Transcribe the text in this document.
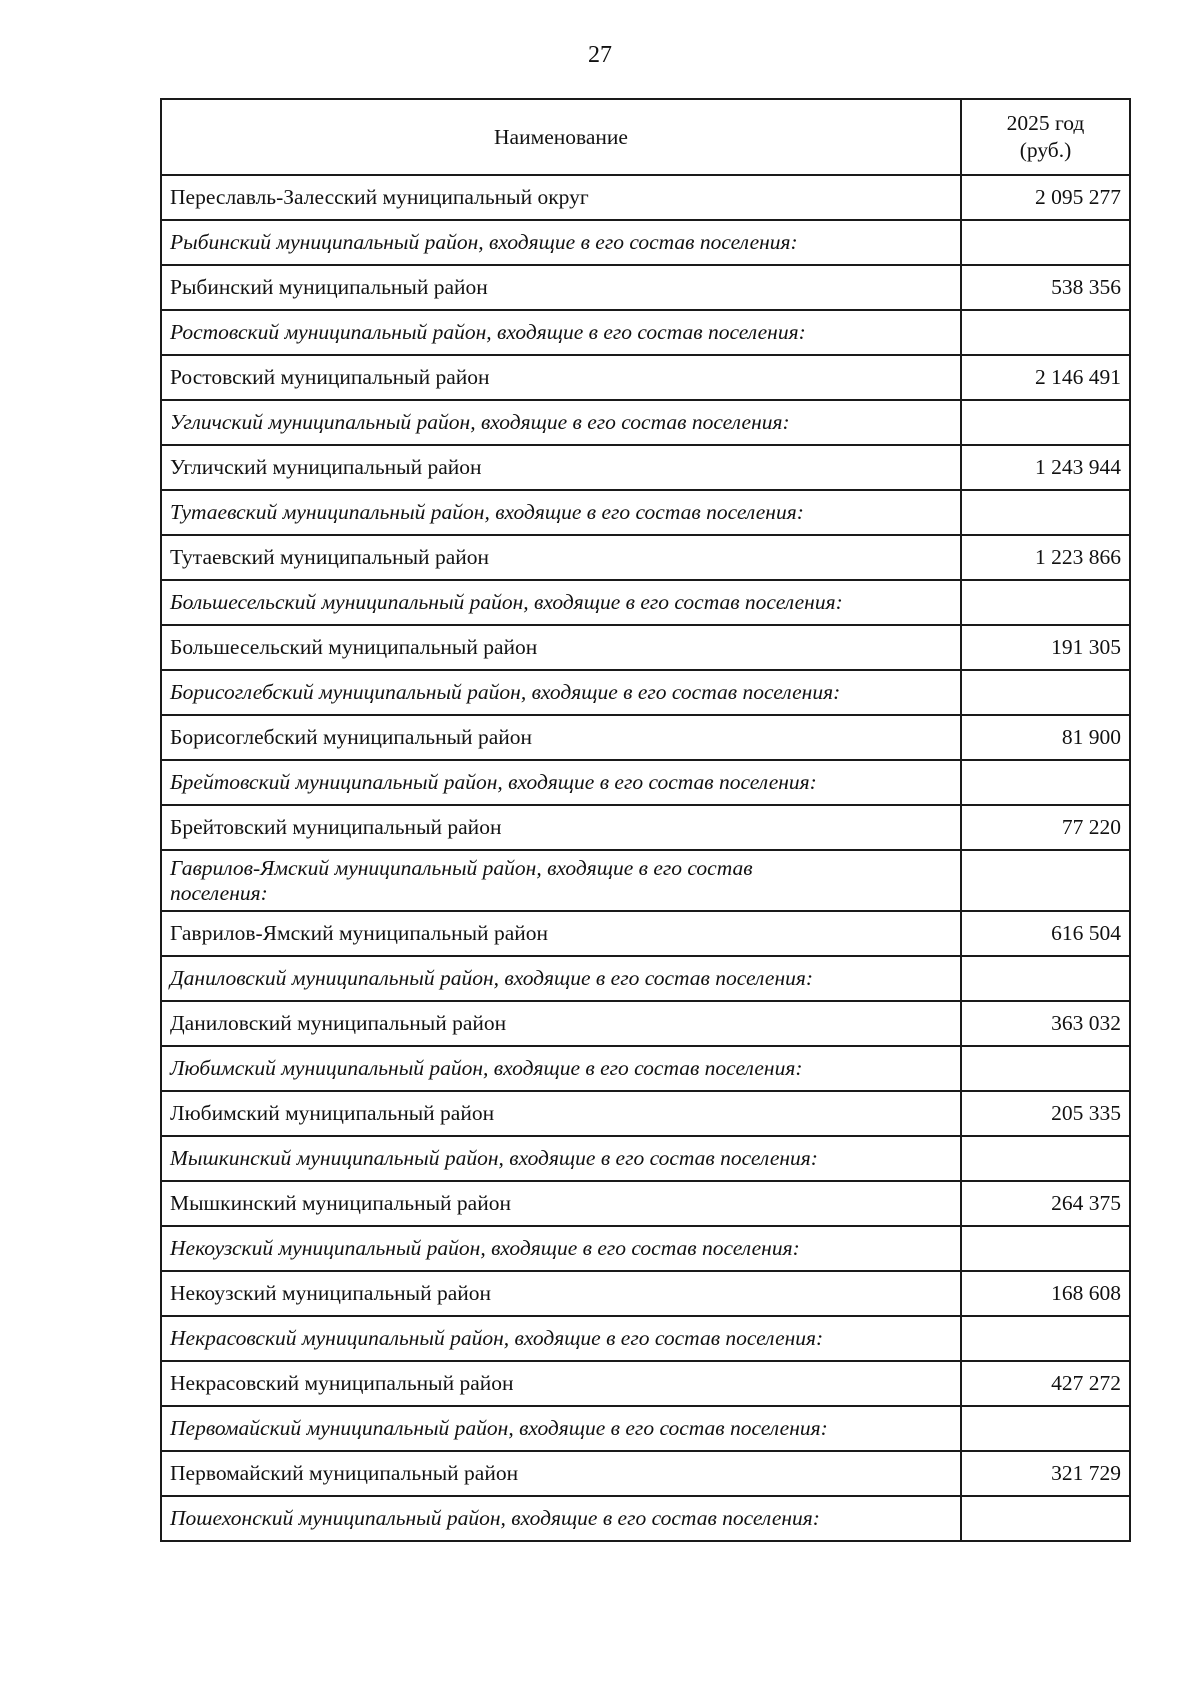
27
Наименование	2025 год
(руб.)
Переславль-Залесский муниципальный округ	2 095 277
Рыбинский муниципальный район, входящие в его состав поселения:	
Рыбинский муниципальный район	538 356
Ростовский муниципальный район, входящие в его состав поселения:	
Ростовский муниципальный район	2 146 491
Угличский муниципальный район, входящие в его состав поселения:	
Угличский муниципальный район	1 243 944
Тутаевский муниципальный район, входящие в его состав поселения:	
Тутаевский муниципальный район	1 223 866
Большесельский муниципальный район, входящие в его состав поселения:	
Большесельский муниципальный район	191 305
Борисоглебский муниципальный район, входящие в его состав поселения:	
Борисоглебский муниципальный район	81 900
Брейтовский муниципальный район, входящие в его состав поселения:	
Брейтовский муниципальный район	77 220

Гаврилов-Ямский муниципальный район, входящие в его состав
поселения:	

Гаврилов-Ямский муниципальный район	616 504
Даниловский муниципальный район, входящие в его состав поселения:	
Даниловский муниципальный район	363 032
Любимский муниципальный район, входящие в его состав поселения:	
Любимский муниципальный район	205 335
Мышкинский муниципальный район, входящие в его состав поселения:	
Мышкинский муниципальный район	264 375
Некоузский муниципальный район, входящие в его состав поселения:	
Некоузский муниципальный район	168 608
Некрасовский муниципальный район, входящие в его состав поселения:	
Некрасовский муниципальный район	427 272
Первомайский муниципальный район, входящие в его состав поселения:	
Первомайский муниципальный район	321 729
Пошехонский муниципальный район, входящие в его состав поселения:	
